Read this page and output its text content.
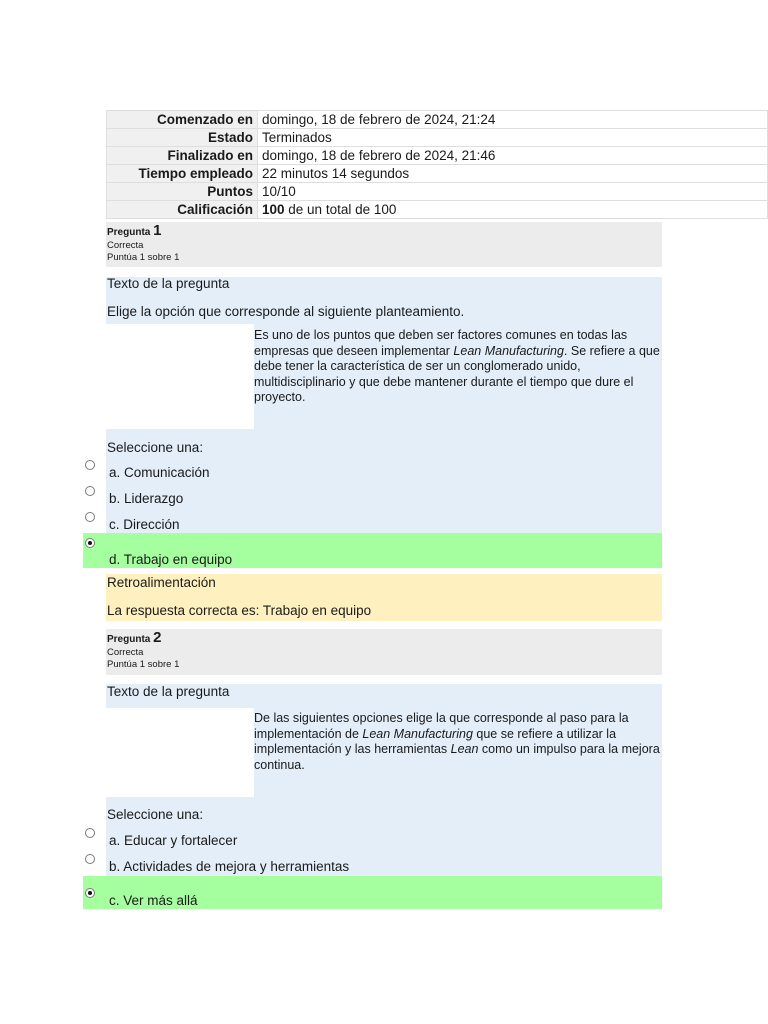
Comenzado en	domingo, 18 de febrero de 2024, 21:24
Estado	Terminados
Finalizado en	domingo, 18 de febrero de 2024, 21:46
Tiempo empleado	22 minutos 14 segundos
Puntos	10/10
Calificación	100 de un total de 100
Pregunta 1
Correcta
Puntúa 1 sobre 1
Texto de la pregunta
Elige la opción que corresponde al siguiente planteamiento.
Es uno de los puntos que deben ser factores comunes en todas las empresas que deseen implementar Lean Manufacturing. Se refiere a que debe tener la característica de ser un conglomerado unido, multidisciplinario y que debe mantener durante el tiempo que dure el proyecto.
Seleccione una:
a. Comunicación
b. Liderazgo
c. Dirección
d. Trabajo en equipo
Retroalimentación
La respuesta correcta es: Trabajo en equipo
Pregunta 2
Correcta
Puntúa 1 sobre 1
Texto de la pregunta
De las siguientes opciones elige la que corresponde al paso para la implementación de Lean Manufacturing que se refiere a utilizar la implementación y las herramientas Lean como un impulso para la mejora continua.
Seleccione una:
a. Educar y fortalecer
b. Actividades de mejora y herramientas
c. Ver más allá
